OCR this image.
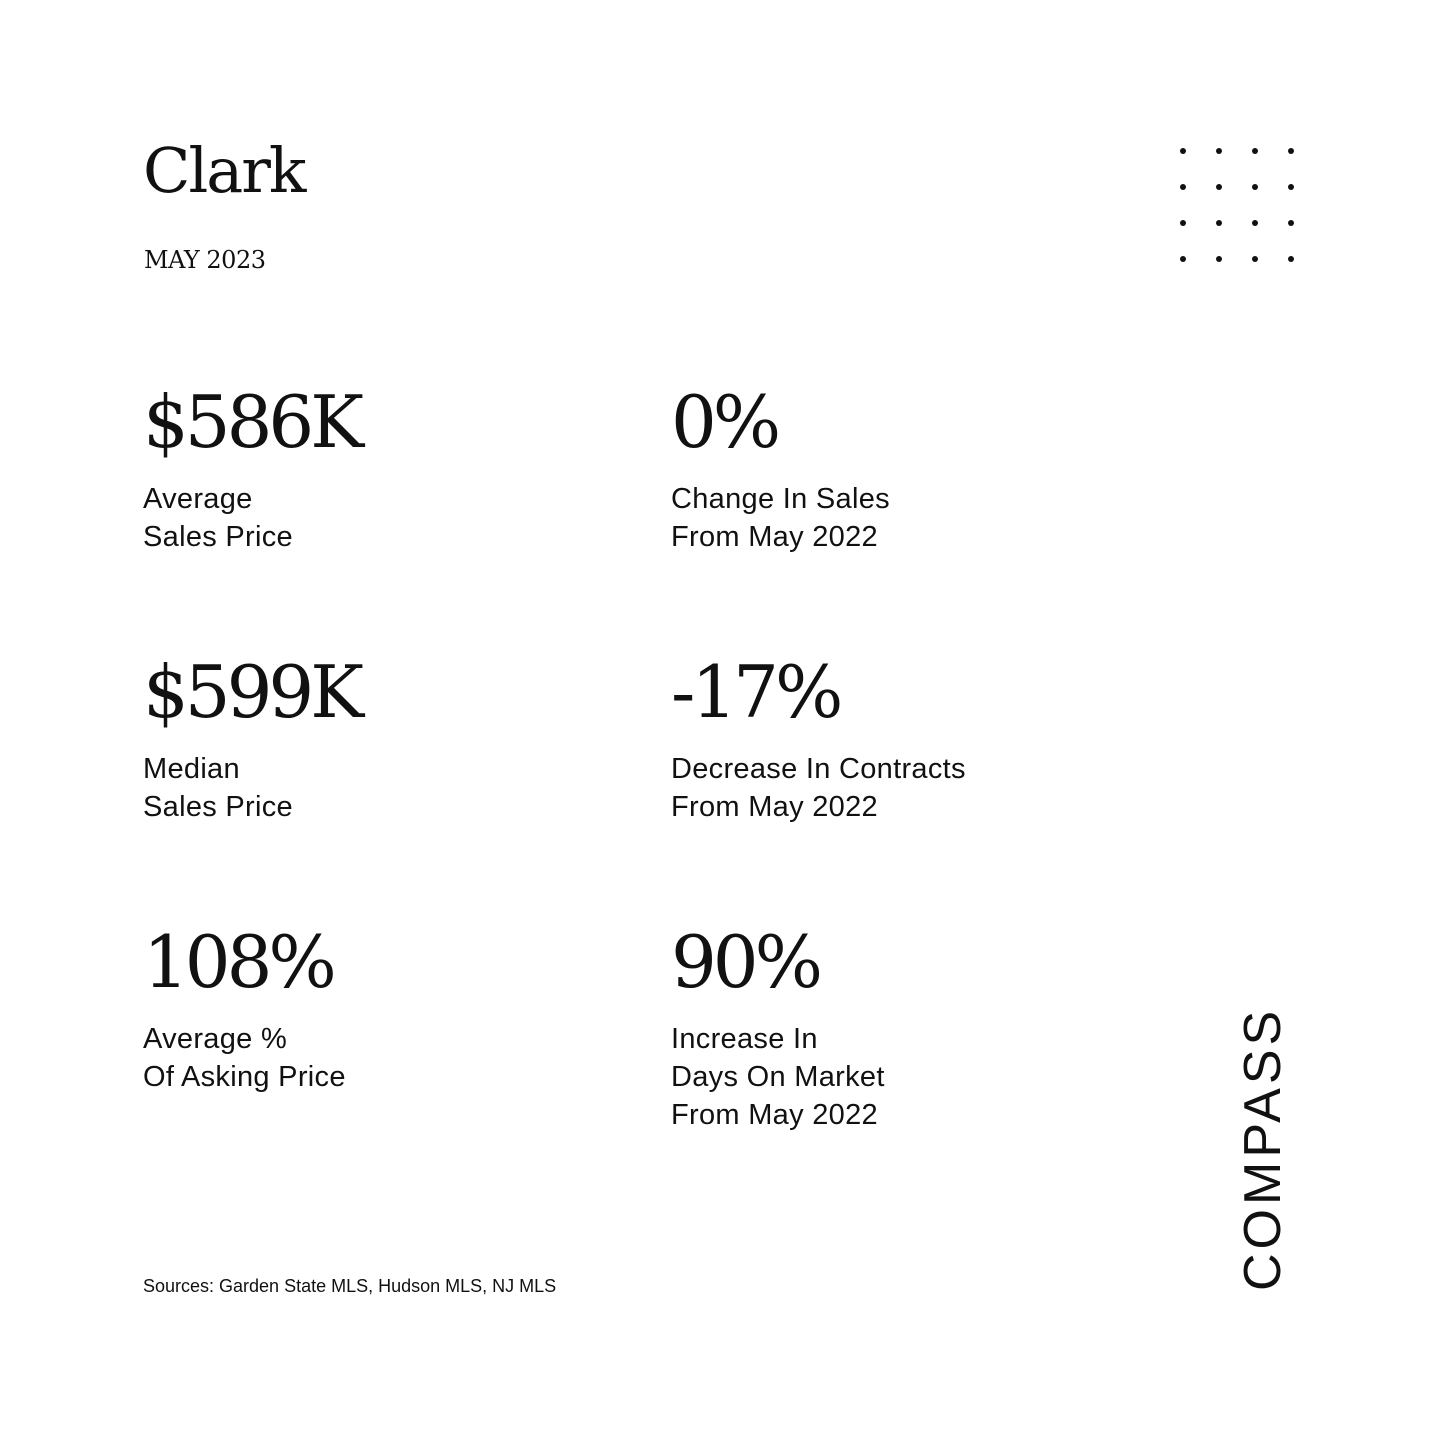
Clark
MAY 2023
$586K
Average
Sales Price
0%
Change In Sales
From May 2022
$599K
Median
Sales Price
-17%
Decrease In Contracts
From May 2022
108%
Average %
Of Asking Price
90%
Increase In
Days On Market
From May 2022
Sources: Garden State MLS, Hudson MLS, NJ MLS	COMPASS
